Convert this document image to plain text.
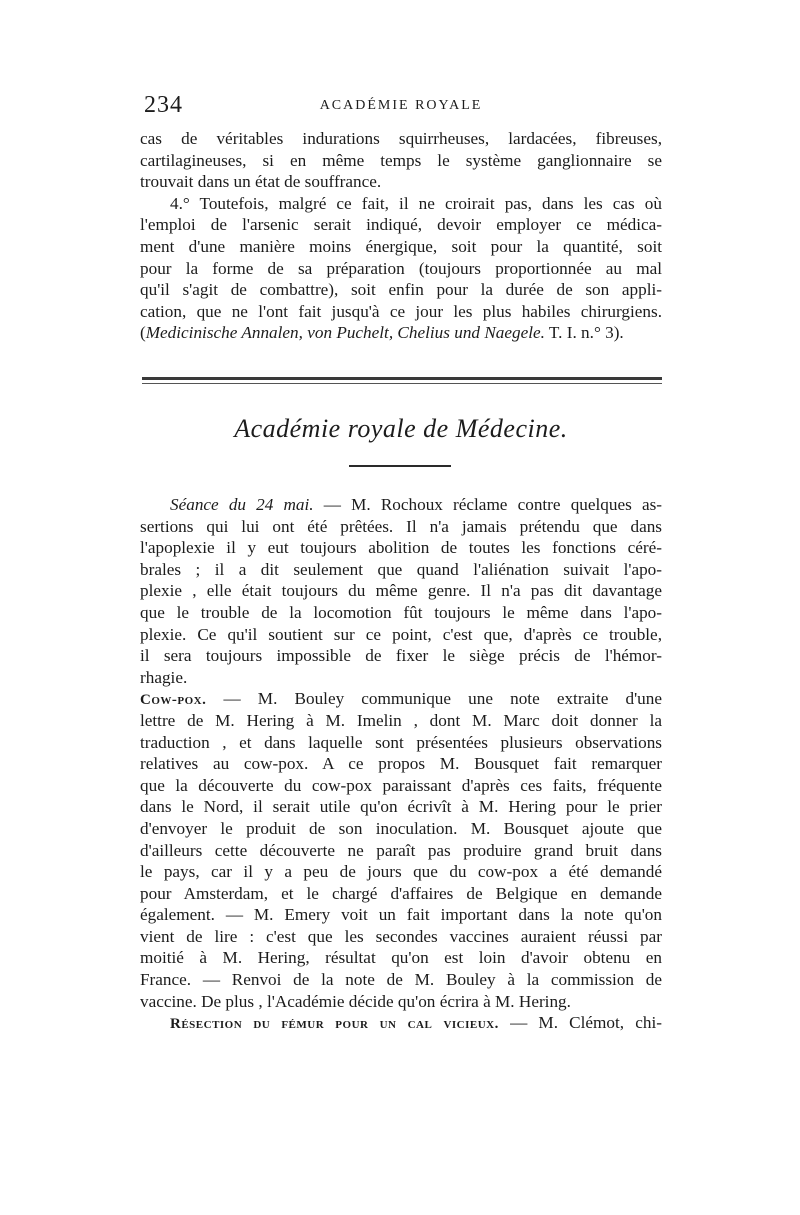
234	ACADÉMIE ROYALE
cas de véritables indurations squirrheuses, lardacées, fibreuses,
cartilagineuses, si en même temps le système ganglionnaire se
trouvait dans un état de souffrance.
4.° Toutefois, malgré ce fait, il ne croirait pas, dans les cas où
l'emploi de l'arsenic serait indiqué, devoir employer ce médica-
ment d'une manière moins énergique, soit pour la quantité, soit
pour la forme de sa préparation (toujours proportionnée au mal
qu'il s'agit de combattre), soit enfin pour la durée de son appli-
cation, que ne l'ont fait jusqu'à ce jour les plus habiles chirurgiens.
(Medicinische Annalen, von Puchelt, Chelius und Naegele. T. I. n.° 3).
Académie royale de Médecine.
Séance du 24 mai. — M. Rochoux réclame contre quelques as-
sertions qui lui ont été prêtées. Il n'a jamais prétendu que dans
l'apoplexie il y eut toujours abolition de toutes les fonctions céré-
brales ; il a dit seulement que quand l'aliénation suivait l'apo-
plexie , elle était toujours du même genre. Il n'a pas dit davantage
que le trouble de la locomotion fût toujours le même dans l'apo-
plexie. Ce qu'il soutient sur ce point, c'est que, d'après ce trouble,
il sera toujours impossible de fixer le siège précis de l'hémor-
rhagie.
Cow-pox. — M. Bouley communique une note extraite d'une
lettre de M. Hering à M. Imelin , dont M. Marc doit donner la
traduction , et dans laquelle sont présentées plusieurs observations
relatives au cow-pox. A ce propos M. Bousquet fait remarquer
que la découverte du cow-pox paraissant d'après ces faits, fréquente
dans le Nord, il serait utile qu'on écrivît à M. Hering pour le prier
d'envoyer le produit de son inoculation. M. Bousquet ajoute que
d'ailleurs cette découverte ne paraît pas produire grand bruit dans
le pays, car il y a peu de jours que du cow-pox a été demandé
pour Amsterdam, et le chargé d'affaires de Belgique en demande
également. — M. Emery voit un fait important dans la note qu'on
vient de lire : c'est que les secondes vaccines auraient réussi par
moitié à M. Hering, résultat qu'on est loin d'avoir obtenu en
France. — Renvoi de la note de M. Bouley à la commission de
vaccine. De plus , l'Académie décide qu'on écrira à M. Hering.
Résection du fémur pour un cal vicieux. — M. Clémot, chi-
